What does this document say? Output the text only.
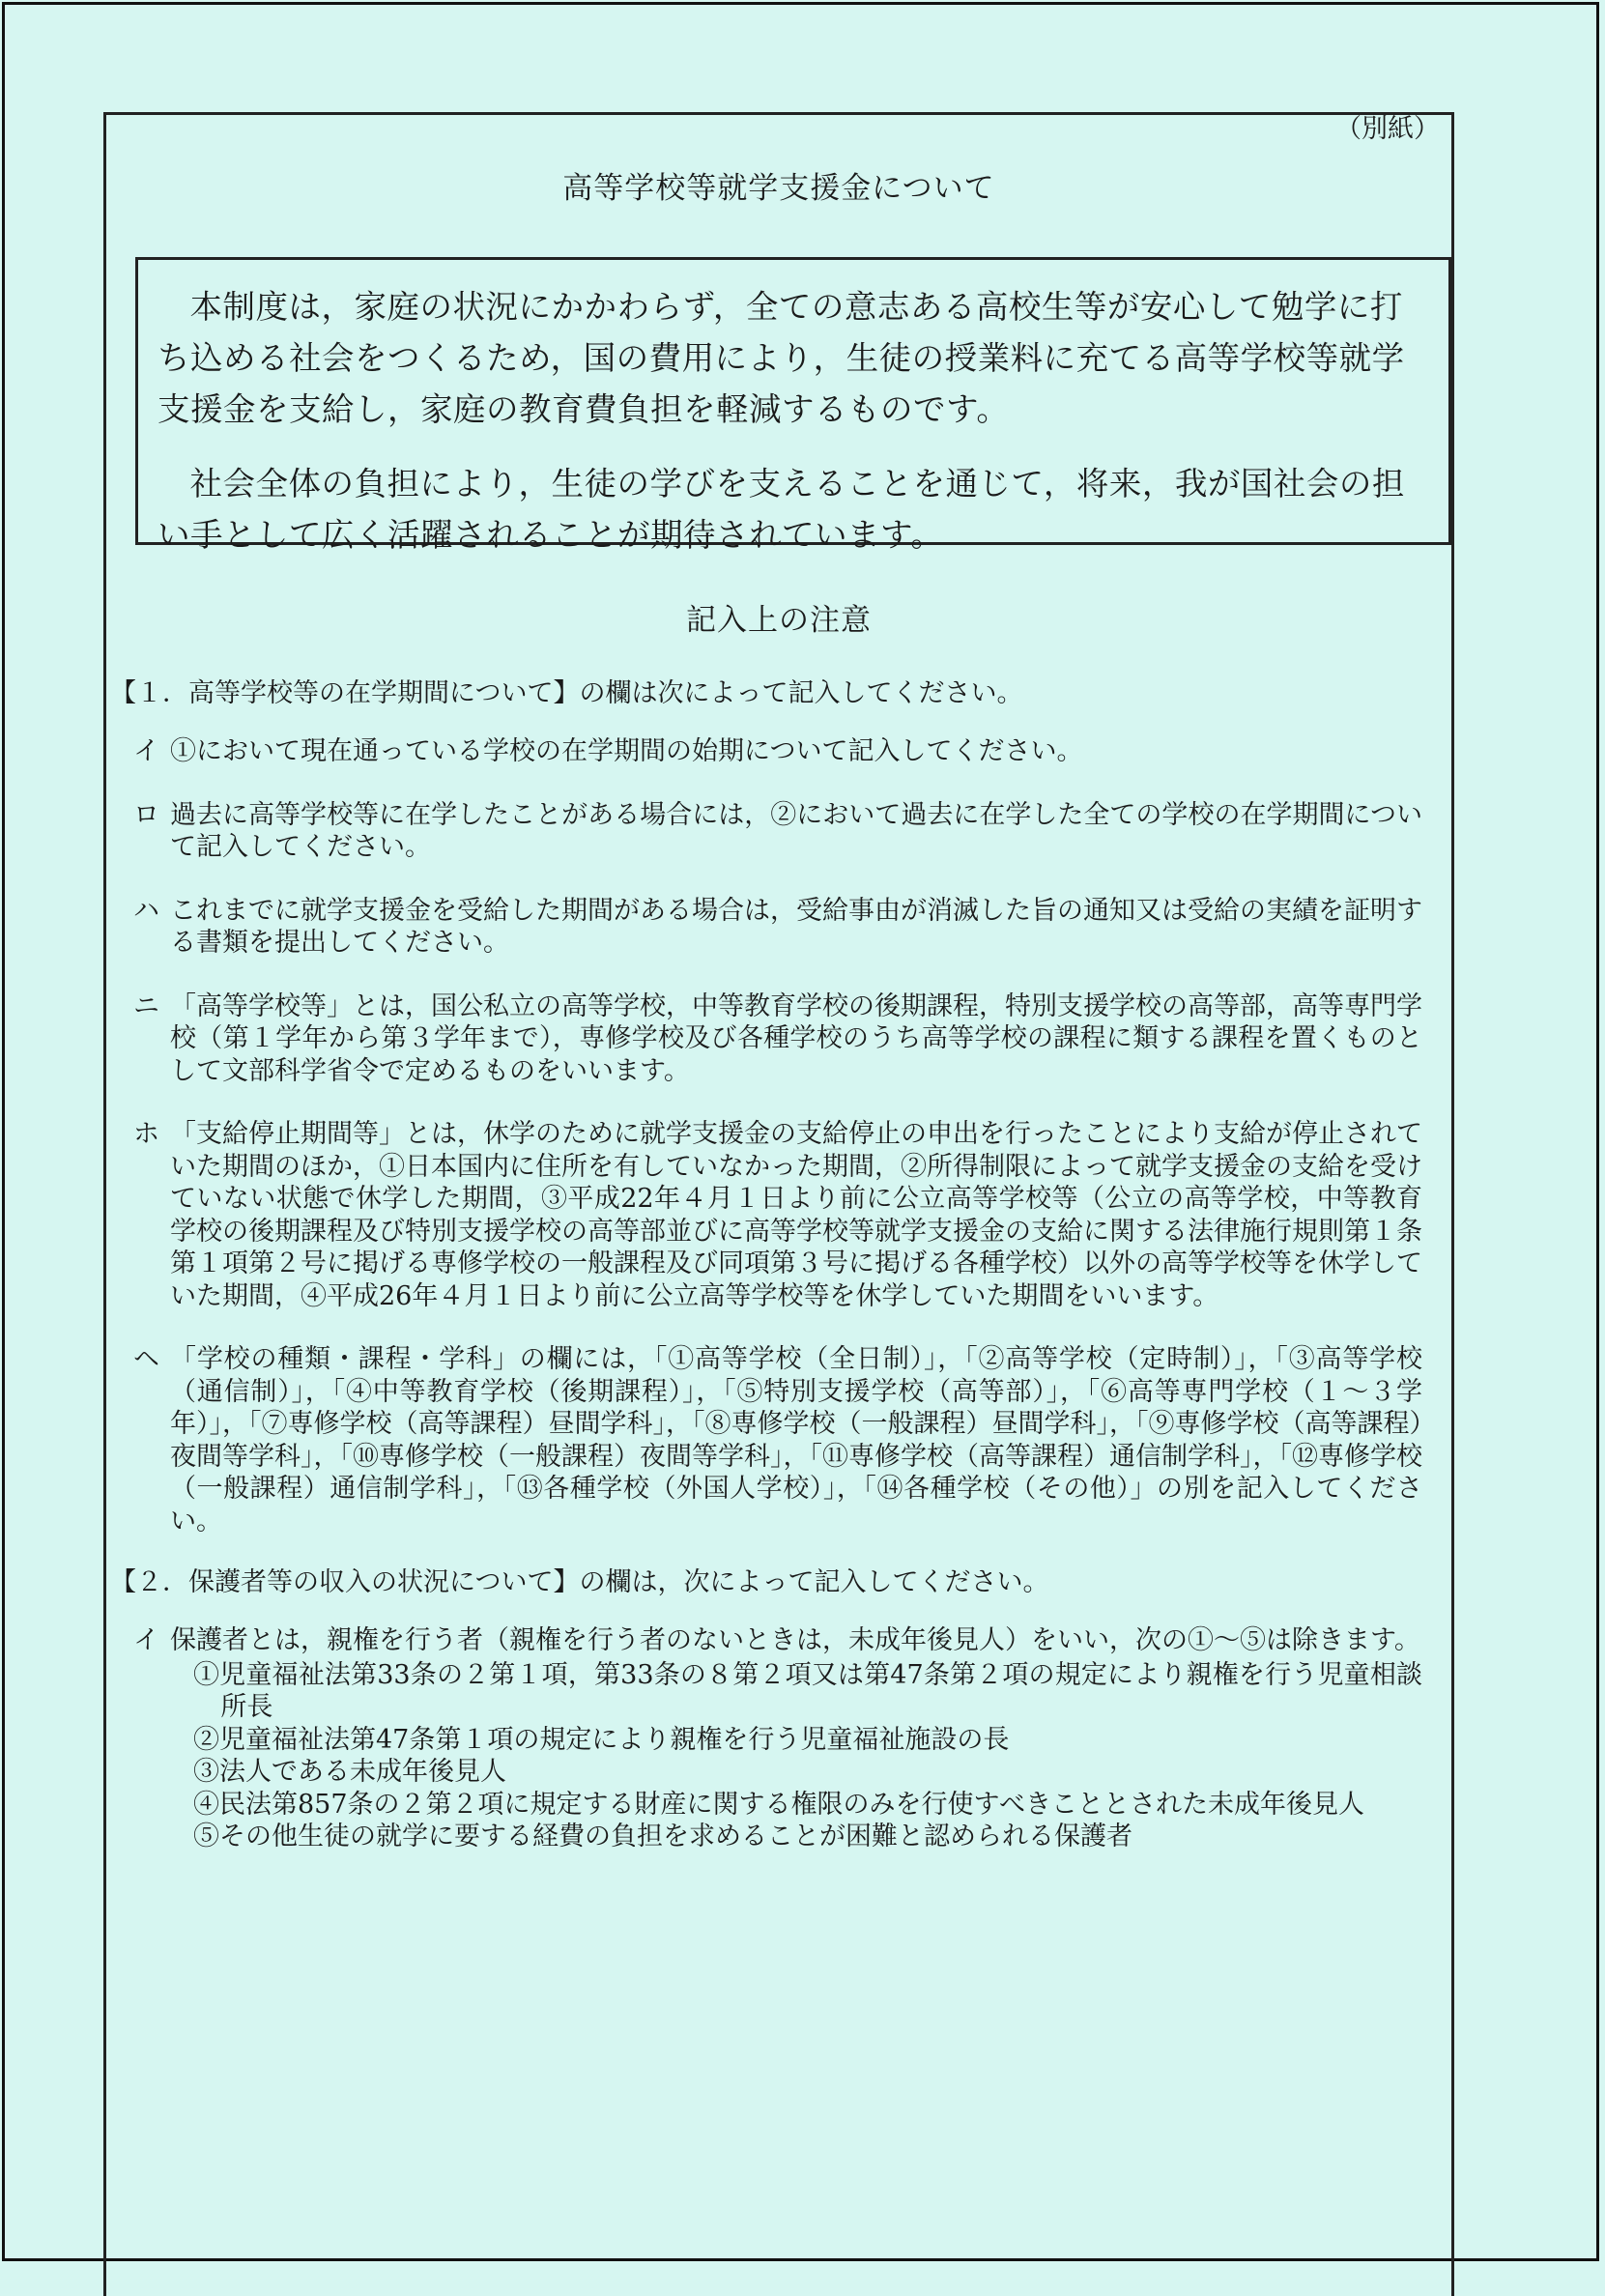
（別紙）
高等学校等就学支援金について

本制度は，家庭の状況にかかわらず，全ての意志ある高校生等が安心して勉学に打ち込める社会をつくるため，国の費用により，生徒の授業料に充てる高等学校等就学支援金を支給し，家庭の教育費負担を軽減するものです。

社会全体の負担により，生徒の学びを支えることを通じて，将来，我が国社会の担い手として広く活躍されることが期待されています。

記入上の注意
【１．高等学校等の在学期間について】の欄は次によって記入してください。
イ ①において現在通っている学校の在学期間の始期について記入してください。
ロ 過去に高等学校等に在学したことがある場合には，②において過去に在学した全ての学校の在学期間について記入してください。
ハ これまでに就学支援金を受給した期間がある場合は，受給事由が消滅した旨の通知又は受給の実績を証明する書類を提出してください。
ニ 「高等学校等」とは，国公私立の高等学校，中等教育学校の後期課程，特別支援学校の高等部，高等専門学校（第１学年から第３学年まで），専修学校及び各種学校のうち高等学校の課程に類する課程を置くものとして文部科学省令で定めるものをいいます。
ホ 「支給停止期間等」とは，休学のために就学支援金の支給停止の申出を行ったことにより支給が停止されていた期間のほか，①日本国内に住所を有していなかった期間，②所得制限によって就学支援金の支給を受けていない状態で休学した期間，③平成22年４月１日より前に公立高等学校等（公立の高等学校，中等教育学校の後期課程及び特別支援学校の高等部並びに高等学校等就学支援金の支給に関する法律施行規則第１条第１項第２号に掲げる専修学校の一般課程及び同項第３号に掲げる各種学校）以外の高等学校等を休学していた期間，④平成26年４月１日より前に公立高等学校等を休学していた期間をいいます。
ヘ 「学校の種類・課程・学科」の欄には，「①高等学校（全日制）」，「②高等学校（定時制）」，「③高等学校（通信制）」，「④中等教育学校（後期課程）」，「⑤特別支援学校（高等部）」，「⑥高等専門学校（１～３学年）」，「⑦専修学校（高等課程）昼間学科」，「⑧専修学校（一般課程）昼間学科」，「⑨専修学校（高等課程）夜間等学科」，「⑩専修学校（一般課程）夜間等学科」，「⑪専修学校（高等課程）通信制学科」，「⑫専修学校（一般課程）通信制学科」，「⑬各種学校（外国人学校）」，「⑭各種学校（その他）」の別を記入してください。
【２．保護者等の収入の状況について】の欄は，次によって記入してください。
イ 保護者とは，親権を行う者（親権を行う者のないときは，未成年後見人）をいい，次の①～⑤は除きます。
①児童福祉法第33条の２第１項，第33条の８第２項又は第47条第２項の規定により親権を行う児童相談所長
②児童福祉法第47条第１項の規定により親権を行う児童福祉施設の長
③法人である未成年後見人
④民法第857条の２第２項に規定する財産に関する権限のみを行使すべきこととされた未成年後見人
⑤その他生徒の就学に要する経費の負担を求めることが困難と認められる保護者
